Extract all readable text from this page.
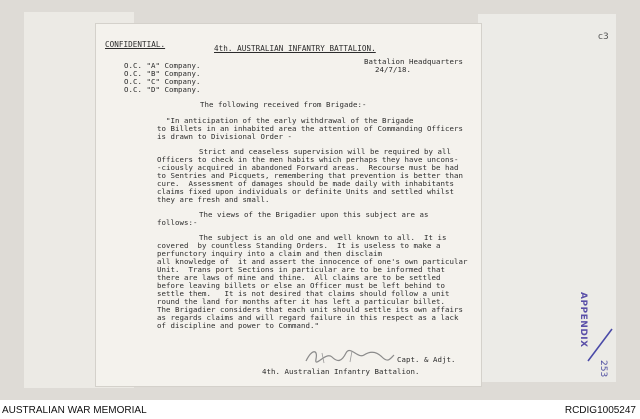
c3
CONFIDENTIAL.	4th. AUSTRALIAN INFANTRY BATTALION.
Battalion Headquarters
24/7/18.
O.C. "A" Company.
O.C. "B" Company.
O.C. "C" Company.
O.C. "D" Company.
The following received from Brigade:-
"In anticipation of the early withdrawal of the Brigade
to Billets in an inhabited area the attention of Commanding Officers
is drawn to Divisional Order -
Strict and ceaseless supervision will be required by all
Officers to check in the men habits which perhaps they have uncons-
-ciously acquired in abandoned Forward areas.  Recourse must be had
to Sentries and Picquets, remembering that prevention is better than
cure.  Assessment of damages should be made daily with inhabitants
claims fixed upon individuals or definite Units and settled whilst
they are fresh and small.
The views of the Brigadier upon this subject are as
follows:-
The subject is an old one and well known to all.  It is
covered  by countless Standing Orders.  It is useless to make a
perfunctory inquiry into a claim and then disclaim
all knowledge of  it and assert the innocence of one's own particular
Unit.  Trans port Sections in particular are to be informed that
there are laws of mine and thine.  All claims are to be settled
before leaving billets or else an Officer must be left behind to
settle them.   It is not desired that claims should follow a unit
round the land for months after it has left a particular billet.
The Brigadier considers that each unit should settle its own affairs
as regards claims and will regard failure in this respect as a lack
of discipline and power to Command."
Capt. & Adjt.
4th. Australian Infantry Battalion.
APPENDIX
253
AUSTRALIAN WAR MEMORIAL	RCDIG1005247
